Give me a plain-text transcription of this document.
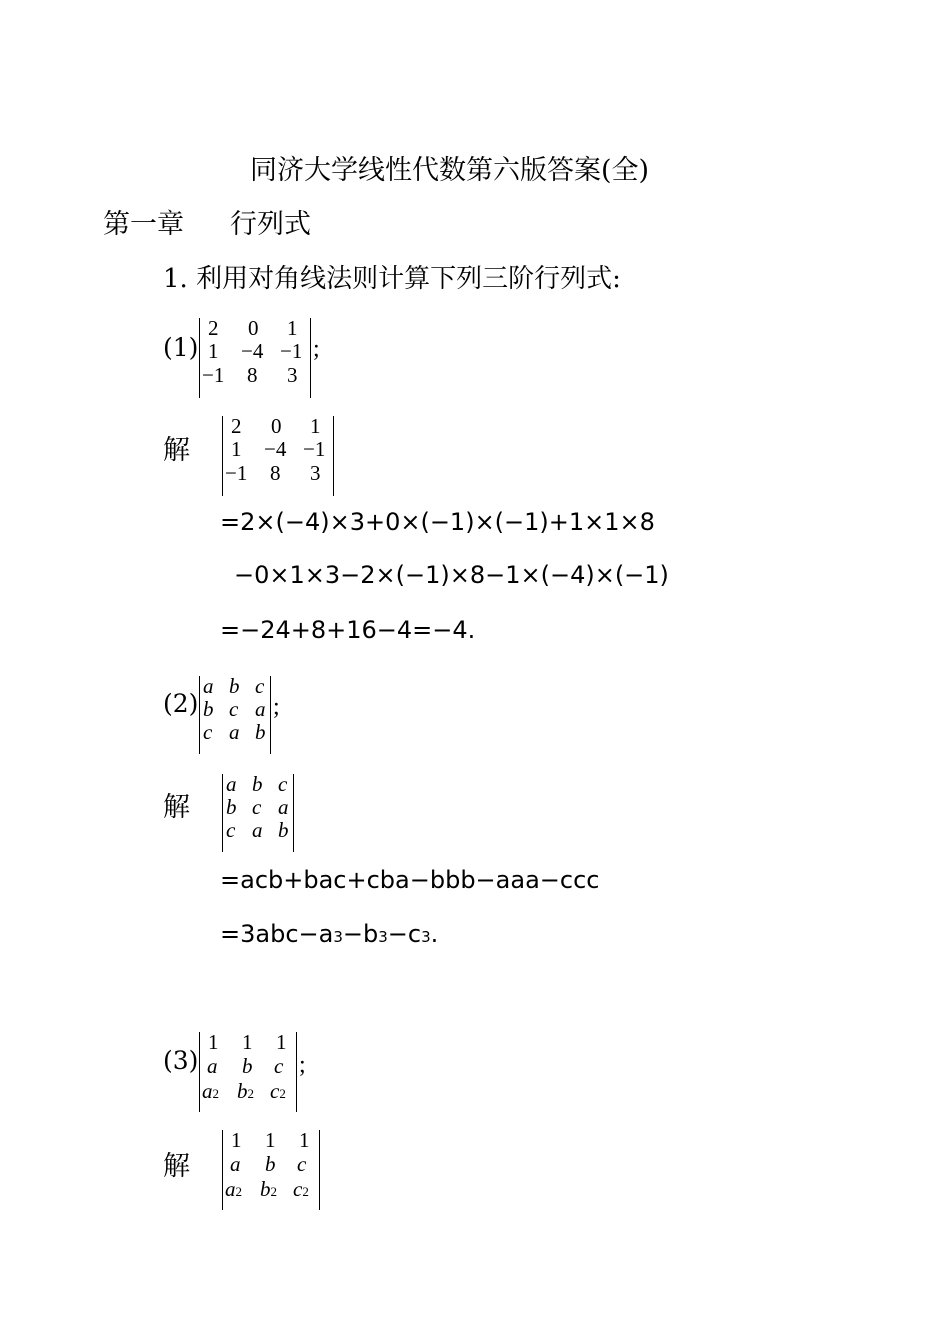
同济大学线性代数第六版答案(全)
第一章 行列式
1. 利用对角线法则计算下列三阶行列式:
(1)
2 0 1
1 −4 −1
−1 8 3
;
解
2 0 1
1 −4 −1
−1 8 3
=2×(−4)×3+0×(−1)×(−1)+1×1×8
−0×1×3−2×(−1)×8−1×(−4)×(−1)
=−24+8+16−4=−4.
(2)
a b c
b c a
c a b
;
解
a b c
b c a
c a b
=acb+bac+cba−bbb−aaa−ccc
=3abc−a3−b3−c3.
(3)
1 1 1
a b c
a2 b2 c2
;
解
1 1 1
a b c
a2 b2 c2
